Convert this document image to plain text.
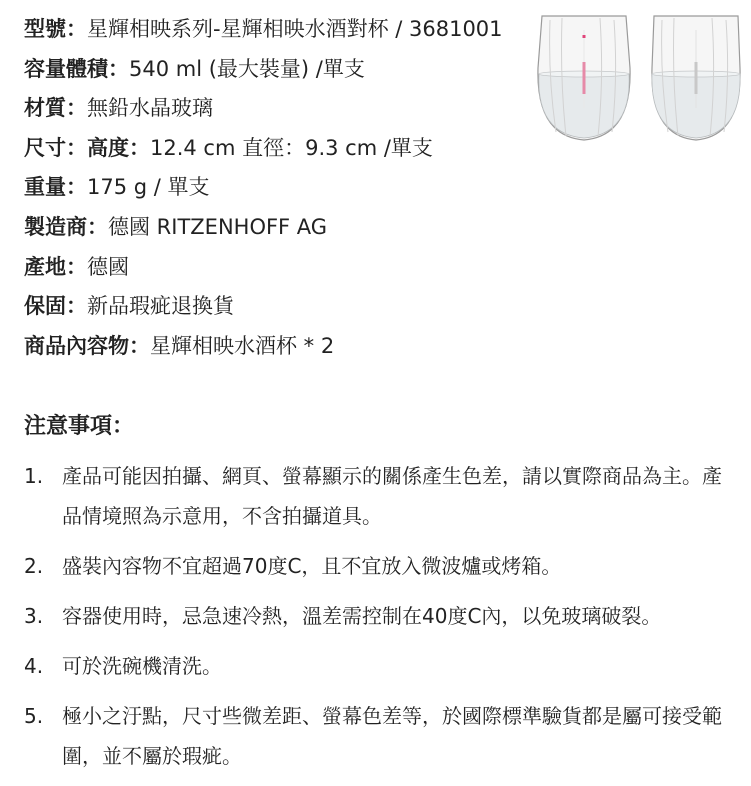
型號：星輝相映系列-星輝相映水酒對杯 / 3681001
容量體積：540 ml (最大裝量) /單支
材質：無鉛水晶玻璃
尺寸：高度：12.4 cm 直徑：9.3 cm /單支
重量：175 g / 單支
製造商：德國 RITZENHOFF AG
產地：德國
保固：新品瑕疵退換貨
商品內容物：星輝相映水酒杯 * 2
注意事項：
1. 產品可能因拍攝、網頁、螢幕顯示的關係產生色差，請以實際商品為主。產品情境照為示意用，不含拍攝道具。
2. 盛裝內容物不宜超過70度C，且不宜放入微波爐或烤箱。
3. 容器使用時，忌急速冷熱，溫差需控制在40度C內，以免玻璃破裂。
4. 可於洗碗機清洗。
5. 極小之汙點，尺寸些微差距、螢幕色差等，於國際標準驗貨都是屬可接受範圍，並不屬於瑕疵。
